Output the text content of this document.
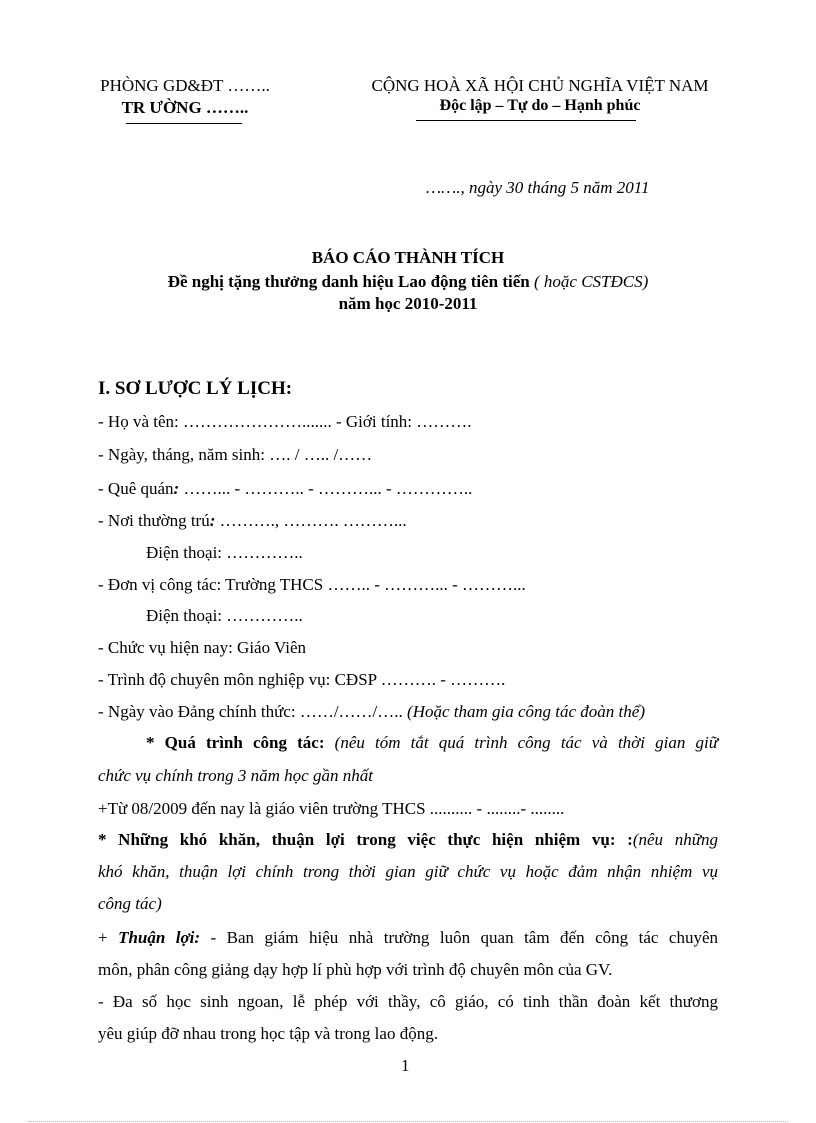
PHÒNG GD&ĐT ……..
TR ƯỜNG ……..
CỘNG HOÀ XÃ HỘI CHỦ NGHĨA VIỆT NAM
Độc lập – Tự do – Hạnh phúc
……., ngày 30 tháng 5 năm 2011
BÁO CÁO THÀNH TÍCH
Đề nghị tặng thưởng danh hiệu Lao động tiên tiến ( hoặc CSTĐCS)
năm học 2010-2011
I. SƠ LƯỢC LÝ LỊCH:
- Họ và tên: …………………....... - Giới tính: ……….
- Ngày, tháng, năm sinh: …. / ….. /……
- Quê quán: ……... - ……….. - ………... - …………..
- Nơi thường trú: ………., ………. ………...
Điện thoại: …………..
- Đơn vị công tác: Trường THCS …….. - ………... - ………...
Điện thoại: …………..
- Chức vụ hiện nay: Giáo Viên
- Trình độ chuyên môn nghiệp vụ: CĐSP ………. - ……….
- Ngày vào Đảng chính thức: ……/……/….. (Hoặc tham gia công tác đoàn thể)
* Quá trình công tác: (nêu tóm tắt quá trình công tác và thời gian giữ
chức vụ chính trong 3 năm học gần nhất
+Từ 08/2009 đến nay là giáo viên trường THCS .......... - ........- ........
* Những khó khăn, thuận lợi trong việc thực hiện nhiệm vụ: :(nêu những
khó khăn, thuận lợi chính trong thời gian giữ chức vụ hoặc đảm nhận nhiệm vụ
công tác)
+ Thuận lợi: - Ban giám hiệu nhà trường luôn quan tâm đến công tác chuyên
môn, phân công giảng dạy hợp lí phù hợp với trình độ chuyên môn của GV.
- Đa số học sinh ngoan, lễ phép với thầy, cô giáo, có tinh thần đoàn kết thương
yêu giúp đỡ nhau trong học tập và trong lao động.
1
